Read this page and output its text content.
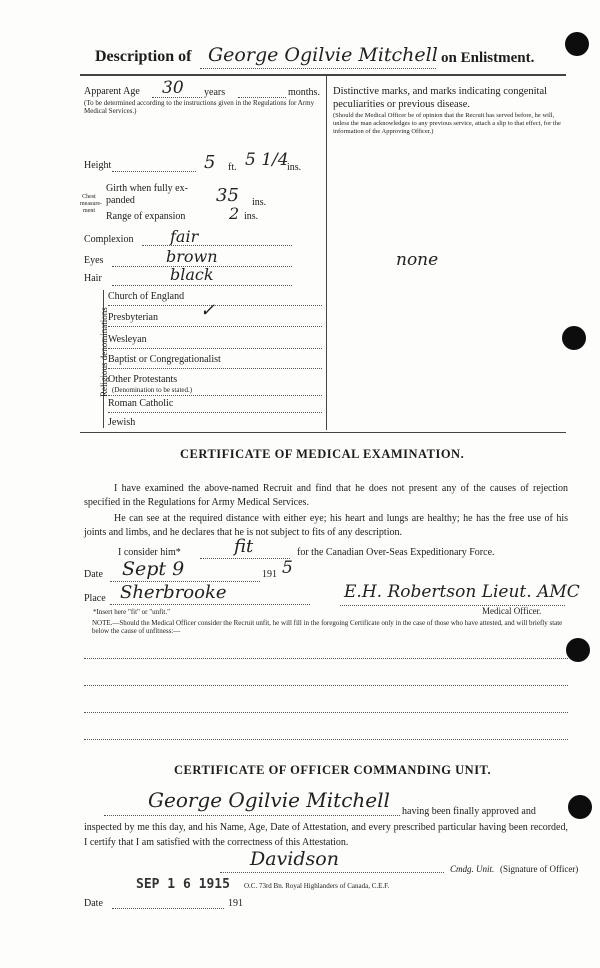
Description of George Ogilvie Mitchell on Enlistment.
Apparent Age 30 years	months.
(To be determined according to the instructions given in the Regulations for Army Medical Services.)
Height	5 ft. 5 1/4
ins.
Chest measure-ment
Girth when fully ex-panded	35 ins.
Range of expansion	2 ins.
Complexion fair
Eyes	brown
Hair	black
Religious denominations
Church of England
Presbyterian ✓
Wesleyan
Baptist or Congregationalist
Other Protestants
(Denomination to be stated.)
Roman Catholic
Jewish
Distinctive marks, and marks indicating congenital peculiarities or previous disease.
(Should the Medical Officer be of opinion that the Recruit has served before, he will, unless the man acknowledges to any previous service, attach a slip to that effect, for the information of the Approving Officer.)
none
CERTIFICATE OF MEDICAL EXAMINATION.
I have examined the above-named Recruit and find that he does not present any of the causes of rejection specified in the Regulations for Army Medical Services.
He can see at the required distance with either eye; his heart and lungs are healthy; he has the free use of his joints and limbs, and he declares that he is not subject to fits of any description.
I consider him*	fit	for the Canadian Over-Seas Expeditionary Force.
Date Sept 9	191 5
Place Sherbrooke	E.H. Robertson Lieut. AMC
Medical Officer.
*Insert here "fit" or "unfit."
NOTE.—Should the Medical Officer consider the Recruit unfit, he will fill in the foregoing Certificate only in the case of those who have attested, and will briefly state below the cause of unfitness:—
CERTIFICATE OF OFFICER COMMANDING UNIT.
George Ogilvie Mitchell having been finally approved and
inspected by me this day, and his Name, Age, Date of Attestation, and every prescribed particular having been recorded, I certify that I am satisfied with the correctness of this Attestation.
Davidson	Cmdg. Unit. (Signature of Officer)
SEP 1 6 1915 O.C. 73rd Bn. Royal Highlanders of Canada, C.E.F.
Date	191
